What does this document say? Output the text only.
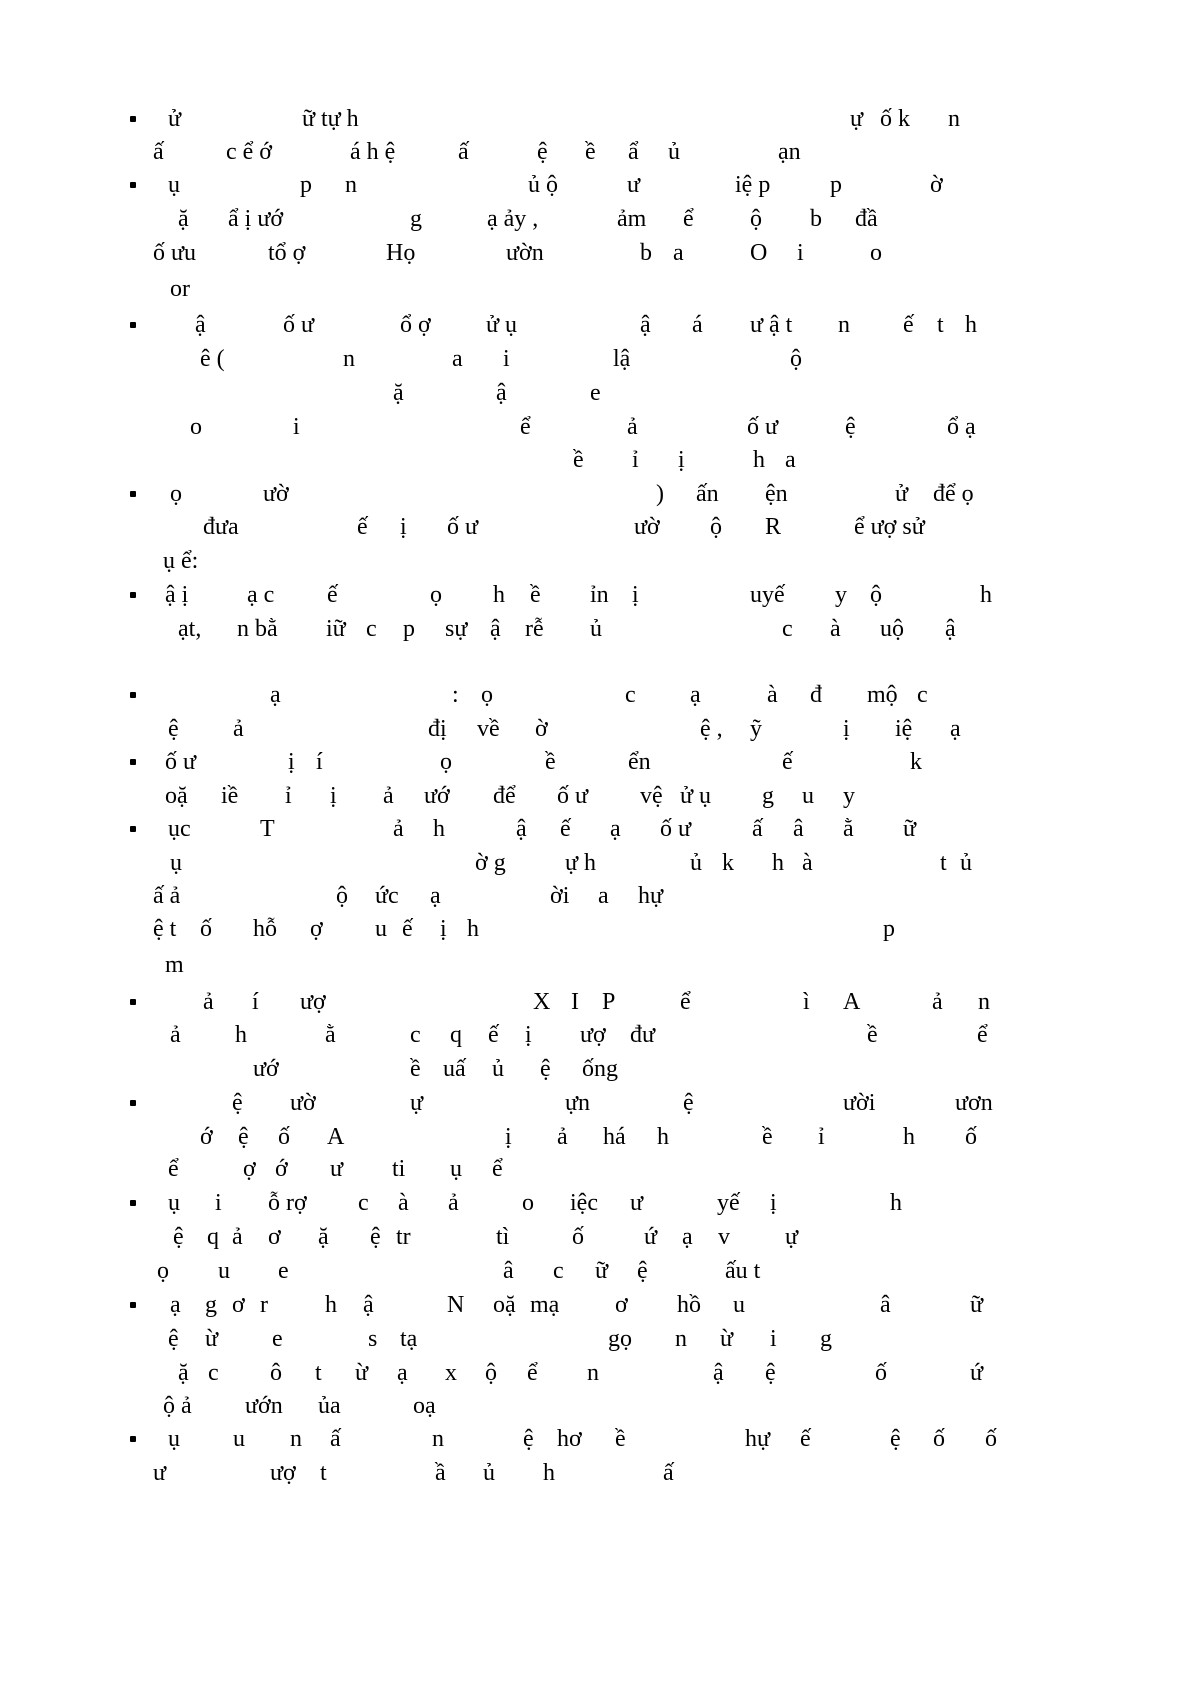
ử	ữ tự h	ự ố k n
ấ	c ể ớ	á h ệ	ấ	ệ ề ẩ ủ	ạn
ụ	p n	ủ ộ	ư	iệ p p	ờ
ặ ẩ ị ướ	g	ạ ảy ,	ảm ể ộ b đầ
ố ưu	tổ ợ	Họ	ườn	b a	O i	o
or
ậ	ố ư	ổ ợ ử ụ	ậ á ư ậ t n ế t h
ê (	n	a i	lậ	ộ
ặ	ậ	e
o	i	ể	ả	ố ư	ệ	ổ ạ
ề ỉ ị	h a
ọ	ườ	) ấn ện	ử để ọ
đưa	ế ị ố ư	ườ ộ R	ể ượ sử
ụ ể:
ậ ị ạ c ế	ọ h ề ỉn ị	uyế y ộ	h
ạt, n bằ iữ c p sự ậ rễ ủ	c à uộ ậ
ạ	: ọ	c ạ	à đ mộ c
ệ ả	đị về ờ	ệ , ỹ	ị iệ ạ
ố ư	ị í	ọ	ề	ển	ế	k
oặ iề ỉ ị ả ướ để ố ư vệ ử ụ g u y
ục	T	ả h	ậ ế ạ ố ư	ấ â ằ ữ
ụ	ờ g ự h	ủ k h à	t ủ
ấ ả	ộ ức ạ	ời a hự
ệ t ố hỗ ợ u ế ị h	p
m
ả í ượ	X I P	ể	ì A	ả n
ả h	ằ	c q ế ị ượ đư	ề	ể
ướ	ề uấ ủ ệ ống
ệ ườ	ự	ựn	ệ	ười	ươn
ớ ệ ố A	ị ả há h	ề ỉ	h ố
ể	ợ ớ ư ti ụ ể
ụ i ỗ rợ c à ả	o iệc ư	yế ị	h
ệ q ả ơ ặ ệ tr	tì	ố	ứ ạ v ự
ọ u e	â c ữ ệ	ấu t
ạ g ơ r h ậ	N oặ mạ ơ hồ u	â	ữ
ệ ừ e	s tạ	gọ n ừ i g
ặ c ô t ừ ạ x ộ ể n	ậ ệ	ố	ứ
ộ ả ướn ủa	oạ
ụ u n ấ	n	ệ hơ ề	hự ế	ệ ố ố
ư	ượ t	ầ ủ h	ấ
